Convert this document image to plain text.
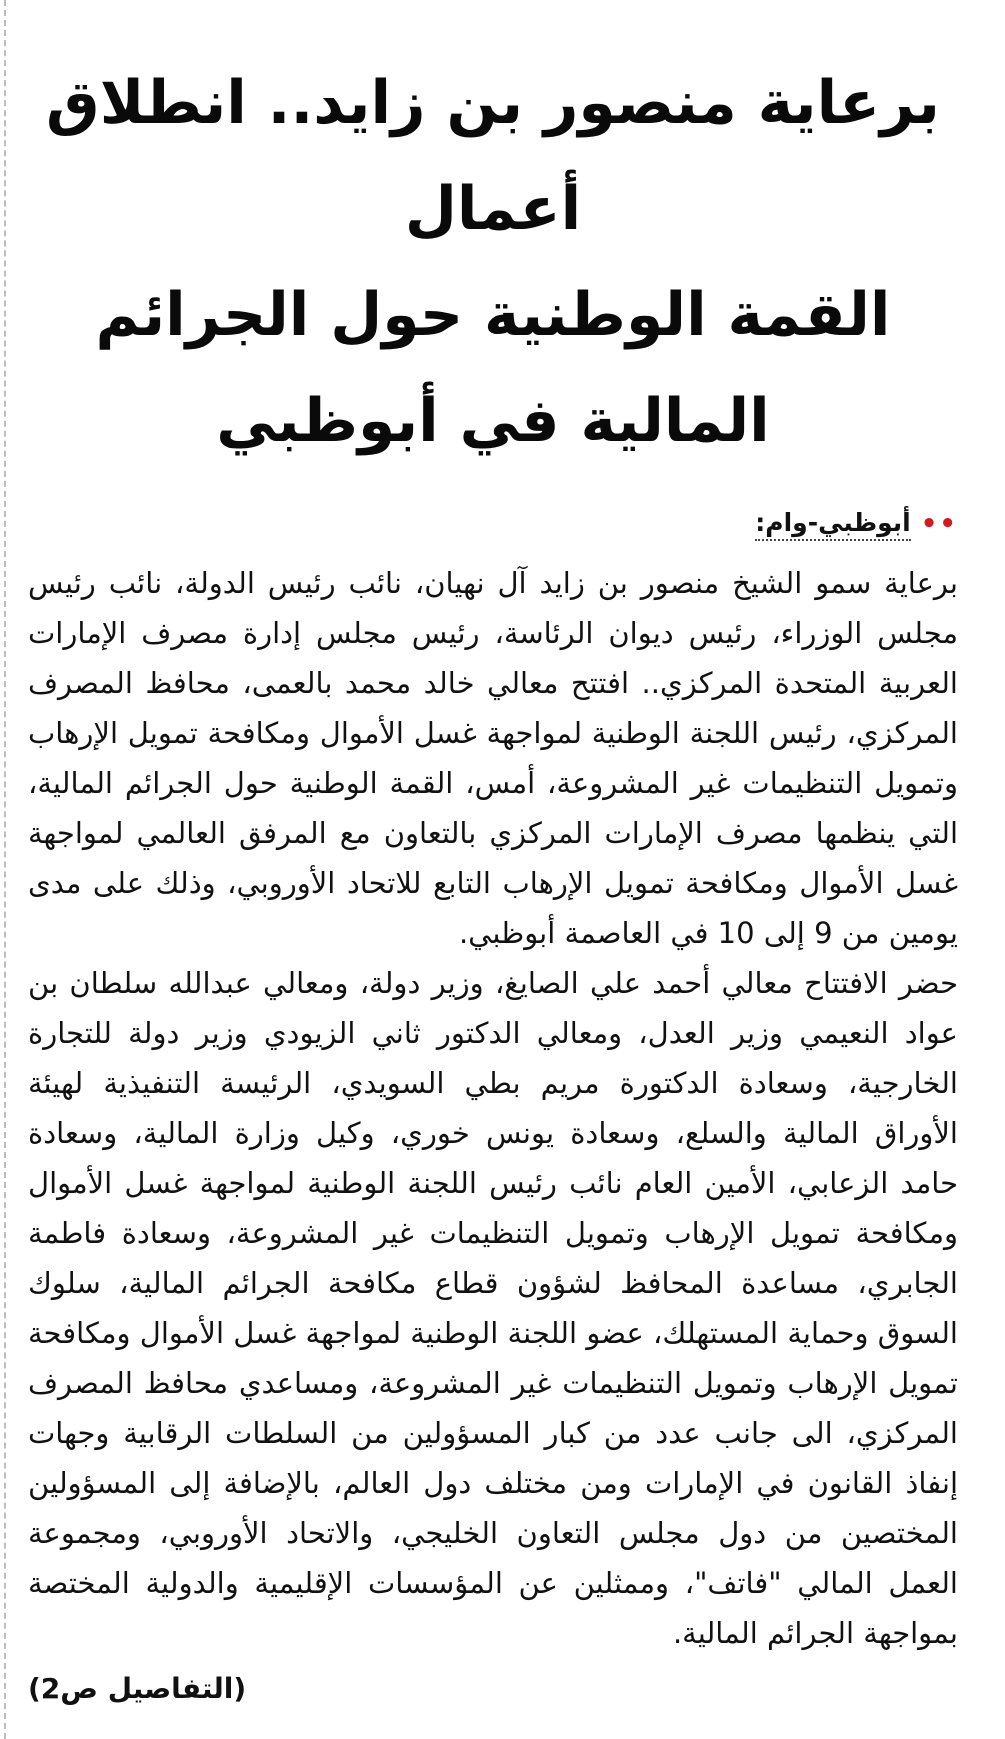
برعاية منصور بن زايد.. انطلاق أعمال
القمة الوطنية حول الجرائم المالية في أبوظبي
••
أبوظبي-وام:

برعاية سمو الشيخ منصور بن زايد آل نهيان، نائب رئيس الدولة، نائب رئيس مجلس الوزراء، رئيس ديوان الرئاسة، رئيس مجلس إدارة مصرف الإمارات العربية المتحدة المركزي.. افتتح معالي خالد محمد بالعمى، محافظ المصرف المركزي، رئيس اللجنة الوطنية لمواجهة غسل الأموال ومكافحة تمويل الإرهاب وتمويل التنظيمات غير المشروعة، أمس، القمة الوطنية حول الجرائم المالية، التي ينظمها مصرف الإمارات المركزي بالتعاون مع المرفق العالمي لمواجهة غسل الأموال ومكافحة تمويل الإرهاب التابع للاتحاد الأوروبي، وذلك على مدى يومين من 9 إلى 10 في العاصمة أبوظبي.

حضر الافتتاح معالي أحمد علي الصايغ، وزير دولة، ومعالي عبدالله سلطان بن عواد النعيمي وزير العدل، ومعالي الدكتور ثاني الزيودي وزير دولة للتجارة الخارجية، وسعادة الدكتورة مريم بطي السويدي، الرئيسة التنفيذية لهيئة الأوراق المالية والسلع، وسعادة يونس خوري، وكيل وزارة المالية، وسعادة حامد الزعابي، الأمين العام نائب رئيس اللجنة الوطنية لمواجهة غسل الأموال ومكافحة تمويل الإرهاب وتمويل التنظيمات غير المشروعة، وسعادة فاطمة الجابري، مساعدة المحافظ لشؤون قطاع مكافحة الجرائم المالية، سلوك السوق وحماية المستهلك، عضو اللجنة الوطنية لمواجهة غسل الأموال ومكافحة تمويل الإرهاب وتمويل التنظيمات غير المشروعة، ومساعدي محافظ المصرف المركزي، الى جانب عدد من كبار المسؤولين من السلطات الرقابية وجهات إنفاذ القانون في الإمارات ومن مختلف دول العالم، بالإضافة إلى المسؤولين المختصين من دول مجلس التعاون الخليجي، والاتحاد الأوروبي، ومجموعة العمل المالي "فاتف"، وممثلين عن المؤسسات الإقليمية والدولية المختصة بمواجهة الجرائم المالية.

(التفاصيل ص2)
